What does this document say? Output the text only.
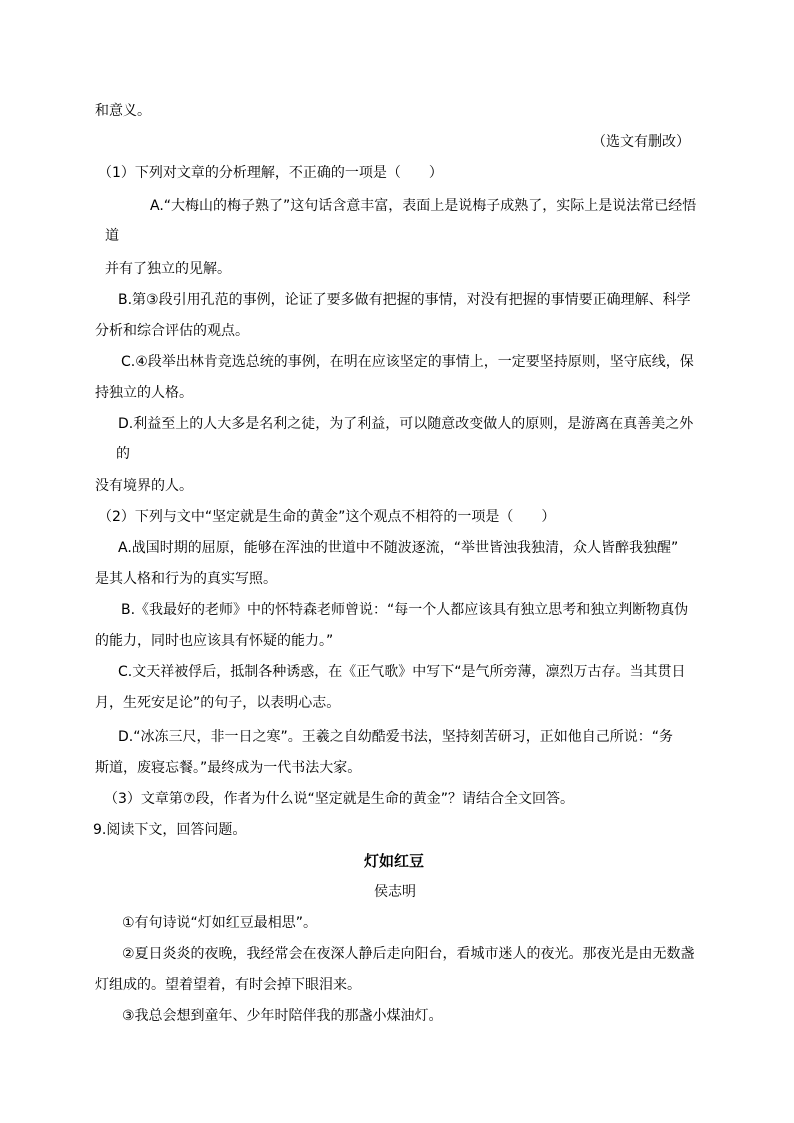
和意义。
（选文有删改）
（1）下列对文章的分析理解，不正确的一项是（　　）
A.“大梅山的梅子熟了”这句话含意丰富，表面上是说梅子成熟了，实际上是说法常已经悟
道
并有了独立的见解。
B.第③段引用孔范的事例，论证了要多做有把握的事情，对没有把握的事情要正确理解、科学
分析和综合评估的观点。
C.④段举出林肯竞选总统的事例，在明在应该坚定的事情上，一定要坚持原则，坚守底线，保
持独立的人格。
D.利益至上的人大多是名利之徒，为了利益，可以随意改变做人的原则，是游离在真善美之外
的
没有境界的人。
（2）下列与文中“坚定就是生命的黄金”这个观点不相符的一项是（　　）
A.战国时期的屈原，能够在浑浊的世道中不随波逐流，“举世皆浊我独清，众人皆醉我独醒”
是其人格和行为的真实写照。
B.《我最好的老师》中的怀特森老师曾说：“每一个人都应该具有独立思考和独立判断物真伪
的能力，同时也应该具有怀疑的能力。”
C.文天祥被俘后，抵制各种诱惑，在《正气歌》中写下“是气所旁薄，凛烈万古存。当其贯日
月，生死安足论”的句子，以表明心志。
D.“冰冻三尺，非一日之寒”。王羲之自幼酷爱书法，坚持刻苦研习，正如他自己所说：“务
斯道，废寝忘餐。”最终成为一代书法大家。
（3）文章第⑦段，作者为什么说“坚定就是生命的黄金”？请结合全文回答。
9.阅读下文，回答问题。
灯如红豆
侯志明
①有句诗说“灯如红豆最相思”。
②夏日炎炎的夜晚，我经常会在夜深人静后走向阳台，看城市迷人的夜光。那夜光是由无数盏
灯组成的。望着望着，有时会掉下眼泪来。
③我总会想到童年、少年时陪伴我的那盏小煤油灯。
